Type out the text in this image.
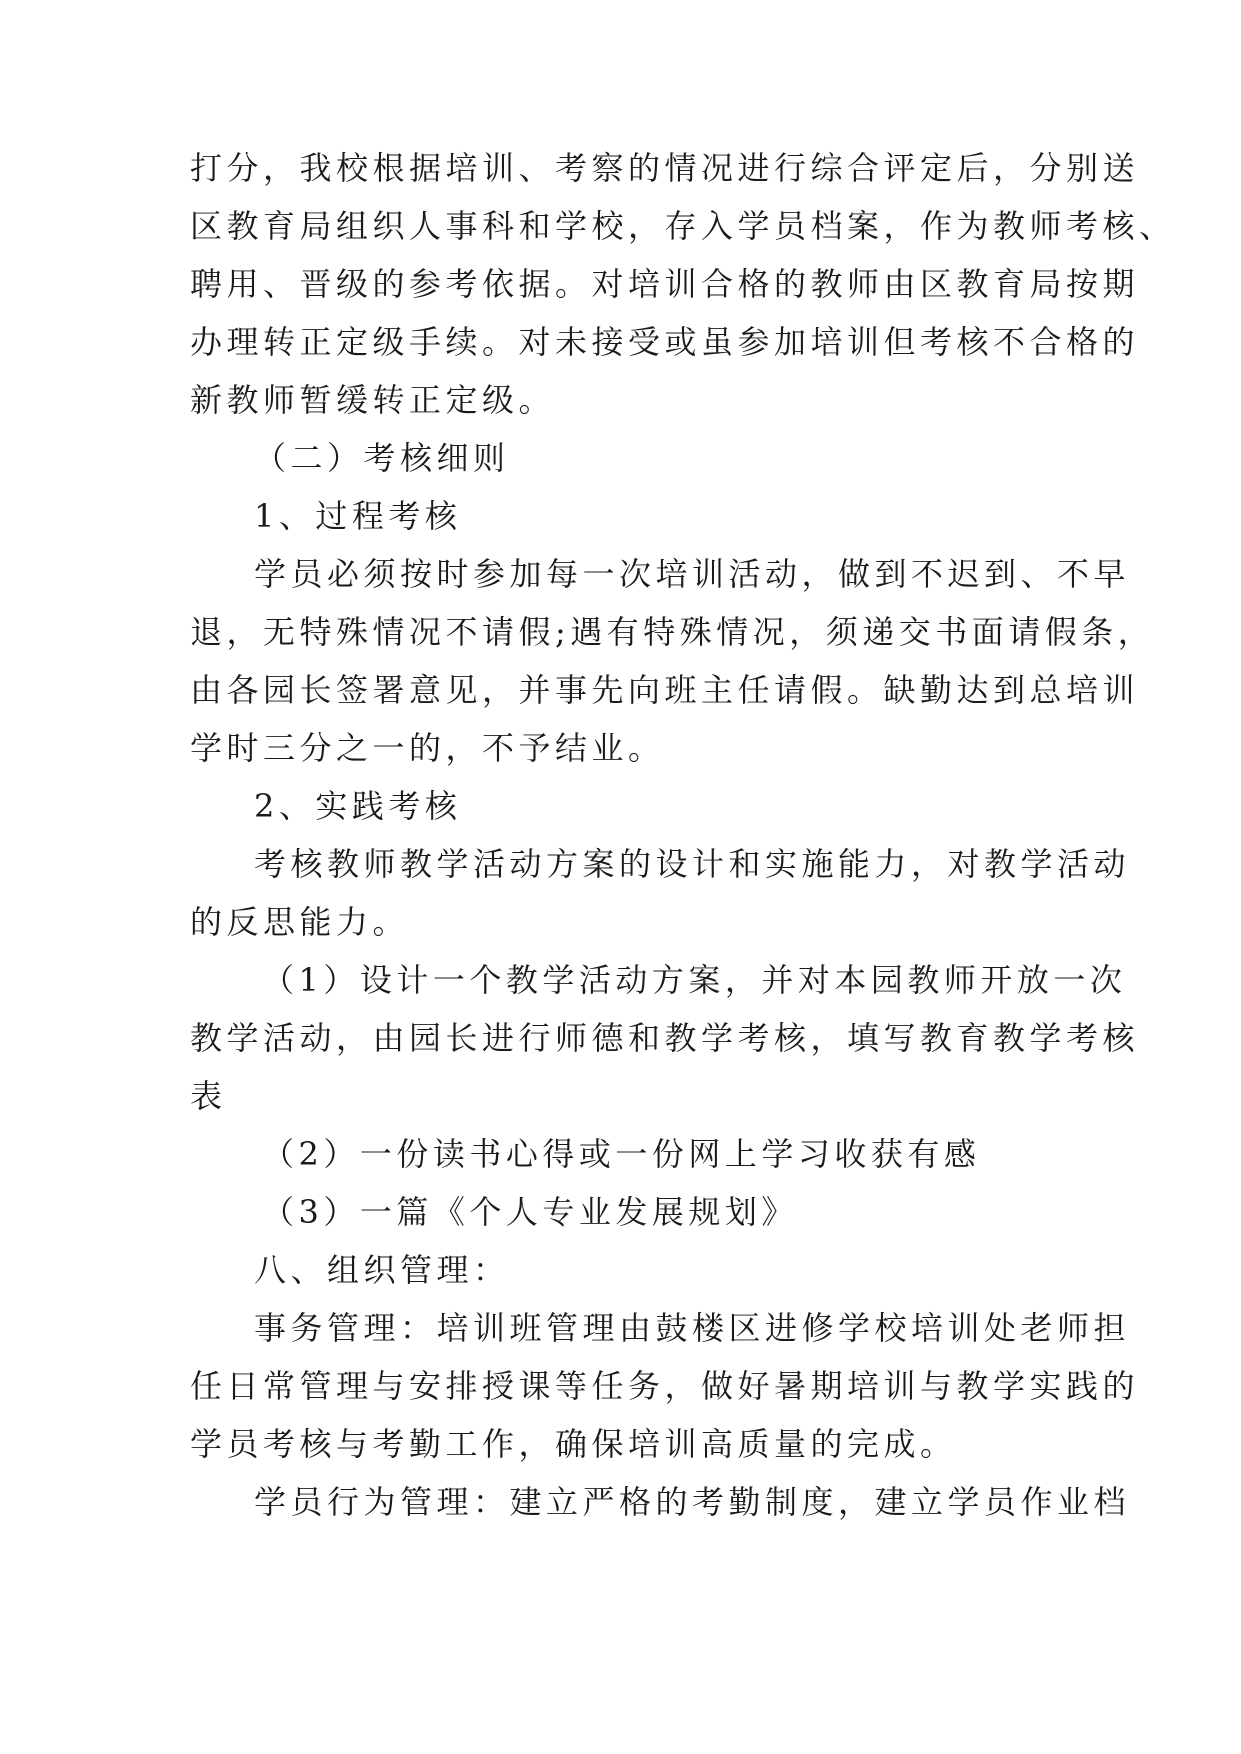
打分，我校根据培训、考察的情况进行综合评定后，分别送
区教育局组织人事科和学校，存入学员档案，作为教师考核、
聘用、晋级的参考依据。对培训合格的教师由区教育局按期
办理转正定级手续。对未接受或虽参加培训但考核不合格的
新教师暂缓转正定级。
（二）考核细则
1、过程考核
学员必须按时参加每一次培训活动，做到不迟到、不早
退，无特殊情况不请假;遇有特殊情况，须递交书面请假条，
由各园长签署意见，并事先向班主任请假。缺勤达到总培训
学时三分之一的，不予结业。
2、实践考核
考核教师教学活动方案的设计和实施能力，对教学活动
的反思能力。
（1）设计一个教学活动方案，并对本园教师开放一次
教学活动，由园长进行师德和教学考核，填写教育教学考核
表
（2）一份读书心得或一份网上学习收获有感
（3）一篇《个人专业发展规划》
八、组织管理：
事务管理：培训班管理由鼓楼区进修学校培训处老师担
任日常管理与安排授课等任务，做好暑期培训与教学实践的
学员考核与考勤工作，确保培训高质量的完成。
学员行为管理：建立严格的考勤制度，建立学员作业档
